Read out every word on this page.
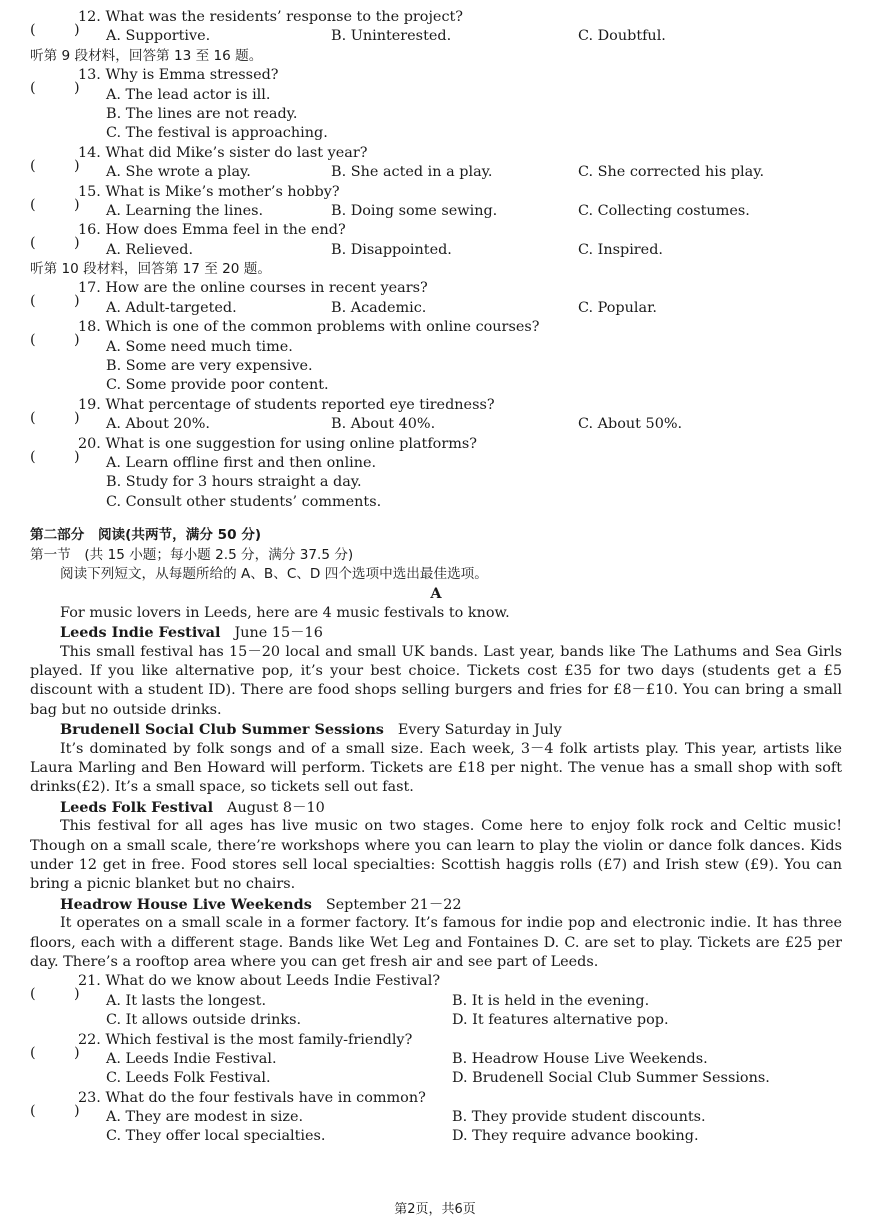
(	)
12. What was the residents’ response to the project?
A. Supportive.	B. Uninterested.	C. Doubtful.
听第 9 段材料，回答第 13 至 16 题。
(	)
13. Why is Emma stressed?
A. The lead actor is ill.
B. The lines are not ready.
C. The festival is approaching.
(	)
14. What did Mike’s sister do last year?
A. She wrote a play.	B. She acted in a play.	C. She corrected his play.
(	)
15. What is Mike’s mother’s hobby?
A. Learning the lines.	B. Doing some sewing.	C. Collecting costumes.
(	)
16. How does Emma feel in the end?
A. Relieved.	B. Disappointed.	C. Inspired.
听第 10 段材料，回答第 17 至 20 题。
(	)
17. How are the online courses in recent years?
A. Adult-targeted.	B. Academic.	C. Popular.
(	)
18. Which is one of the common problems with online courses?
A. Some need much time.
B. Some are very expensive.
C. Some provide poor content.
(	)
19. What percentage of students reported eye tiredness?
A. About 20%.	B. About 40%.	C. About 50%.
(	)
20. What is one suggestion for using online platforms?
A. Learn offline first and then online.
B. Study for 3 hours straight a day.
C. Consult other students’ comments.
第二部分　阅读(共两节，满分 50 分)
第一节　(共 15 小题；每小题 2.5 分，满分 37.5 分)
阅读下列短文，从每题所给的 A、B、C、D 四个选项中选出最佳选项。
A
For music lovers in Leeds, here are 4 music festivals to know.
Leeds Indie Festival June 15－16

This small festival has 15－20 local and small UK bands. Last year, bands like The Lathums and Sea Girls played. If you like alternative pop, it’s your best choice. Tickets cost £35 for two days (students get a £5 discount with a student ID). There are food shops selling burgers and fries for £8－£10. You can bring a small bag but no outside drinks.

Brudenell Social Club Summer Sessions Every Saturday in July

It’s dominated by folk songs and of a small size. Each week, 3－4 folk artists play. This year, artists like Laura Marling and Ben Howard will perform. Tickets are £18 per night. The venue has a small shop with soft drinks(£2). It’s a small space, so tickets sell out fast.

Leeds Folk Festival August 8－10

This festival for all ages has live music on two stages. Come here to enjoy folk rock and Celtic music! Though on a small scale, there’re workshops where you can learn to play the violin or dance folk dances. Kids under 12 get in free. Food stores sell local specialties: Scottish haggis rolls (£7) and Irish stew (£9). You can bring a picnic blanket but no chairs.

Headrow House Live Weekends September 21－22

It operates on a small scale in a former factory. It’s famous for indie pop and electronic indie. It has three floors, each with a different stage. Bands like Wet Leg and Fontaines D. C. are set to play. Tickets are £25 per day. There’s a rooftop area where you can get fresh air and see part of Leeds.

(	)
21. What do we know about Leeds Indie Festival?
A. It lasts the longest.	B. It is held in the evening.
C. It allows outside drinks.	D. It features alternative pop.
(	)
22. Which festival is the most family-friendly?
A. Leeds Indie Festival.	B. Headrow House Live Weekends.
C. Leeds Folk Festival.	D. Brudenell Social Club Summer Sessions.
(	)
23. What do the four festivals have in common?
A. They are modest in size.	B. They provide student discounts.
C. They offer local specialties.	D. They require advance booking.
第2页，共6页
